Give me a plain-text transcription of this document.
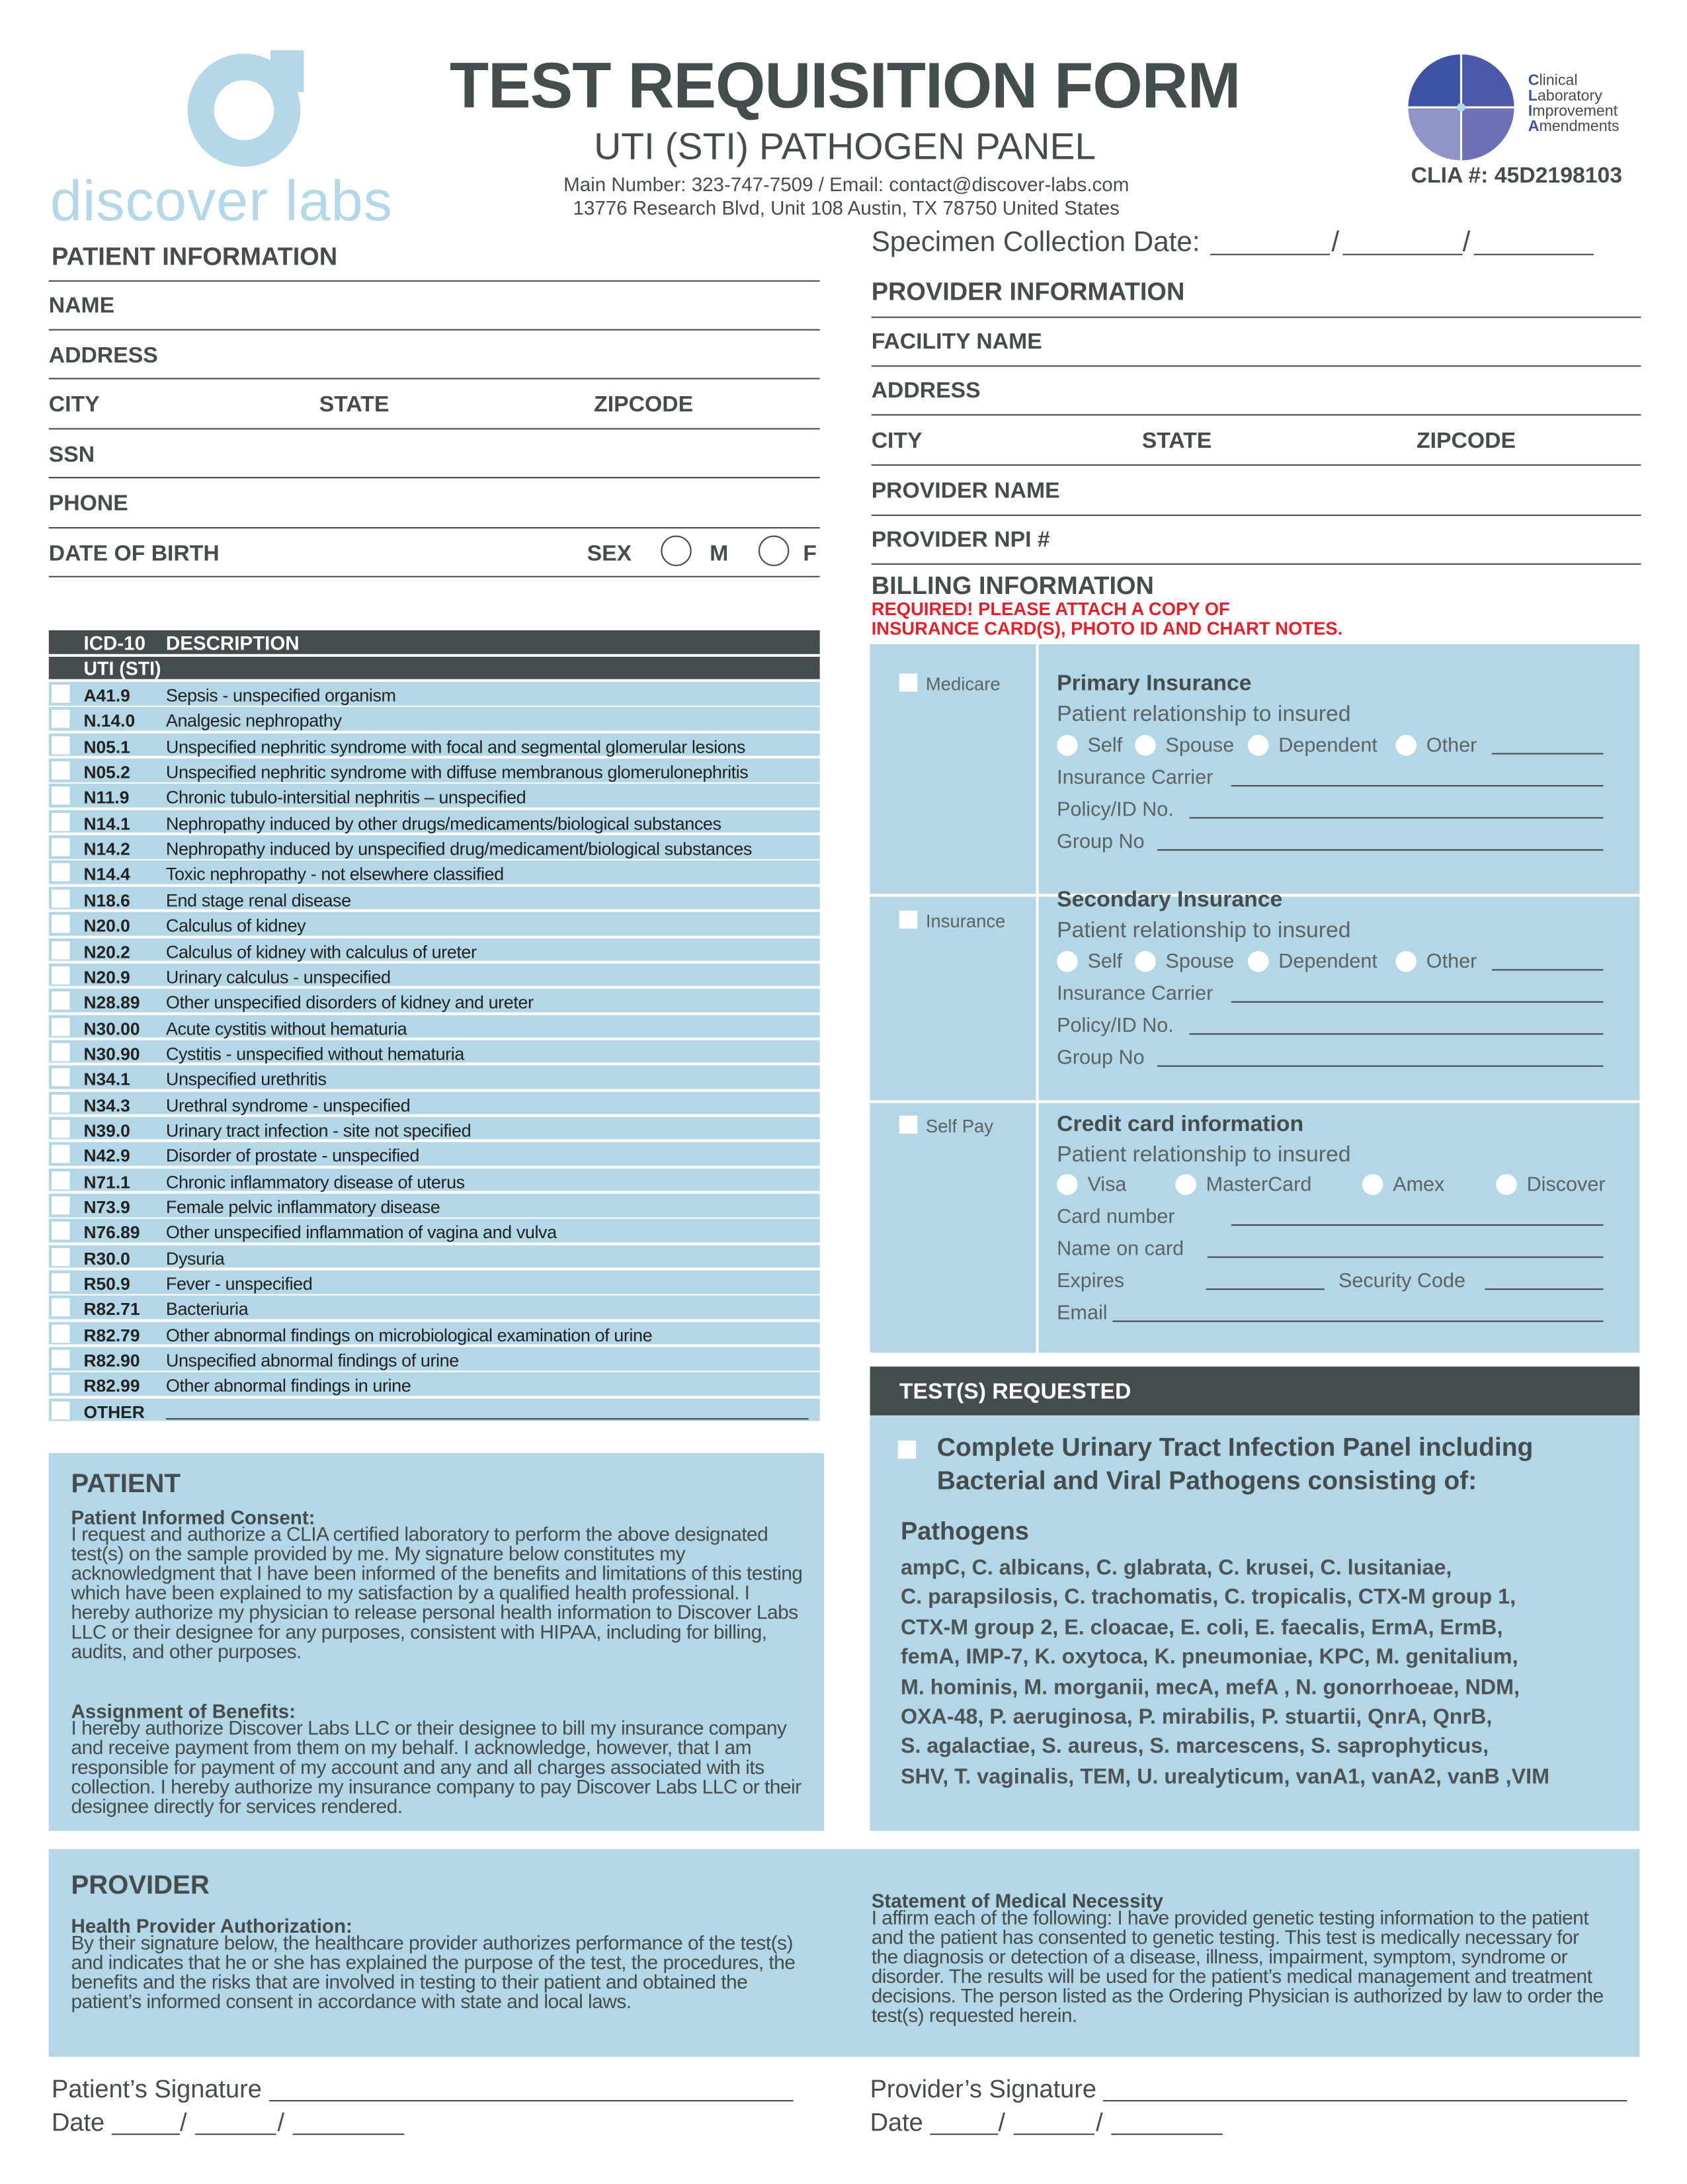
discover labs
TEST REQUISITION FORM
UTI (STI) PATHOGEN PANEL
Main Number: 323-747-7509 / Email: contact@discover-labs.com
13776 Research Blvd, Unit 108 Austin, TX 78750 United States
Clinical
Laboratory
Improvement
Amendments
CLIA #: 45D2198103
Specimen Collection Date:	/	/
PATIENT INFORMATION
NAME
ADDRESS
CITY	STATE	ZIPCODE
SSN
PHONE
DATE OF BIRTH	SEX	M	F
PROVIDER INFORMATION
FACILITY NAME
ADDRESS
CITY	STATE	ZIPCODE
PROVIDER NAME
PROVIDER NPI #
BILLING INFORMATION
REQUIRED! PLEASE ATTACH A COPY OF
INSURANCE CARD(S), PHOTO ID AND CHART NOTES.
Medicare
Insurance
Self Pay
Primary Insurance
Patient relationship to insured
Self	Spouse	Dependent	Other
Insurance Carrier
Policy/ID No.
Group No
Secondary Insurance
Patient relationship to insured
Self	Spouse	Dependent	Other
Insurance Carrier
Policy/ID No.
Group No
Credit card information
Patient relationship to insured
Visa	MasterCard	Amex	Discover
Card number
Name on card
Expires	Security Code
Email
ICD-10 DESCRIPTION
UTI (STI)
A41.9	Sepsis - unspecified organism
N.14.0	Analgesic nephropathy
N05.1	Unspecified nephritic syndrome with focal and segmental glomerular lesions
N05.2	Unspecified nephritic syndrome with diffuse membranous glomerulonephritis
N11.9	Chronic tubulo-intersitial nephritis – unspecified
N14.1	Nephropathy induced by other drugs/medicaments/biological substances
N14.2	Nephropathy induced by unspecified drug/medicament/biological substances
N14.4	Toxic nephropathy - not elsewhere classified
N18.6	End stage renal disease
N20.0	Calculus of kidney
N20.2	Calculus of kidney with calculus of ureter
N20.9	Urinary calculus - unspecified
N28.89	Other unspecified disorders of kidney and ureter
N30.00	Acute cystitis without hematuria
N30.90	Cystitis - unspecified without hematuria
N34.1	Unspecified urethritis
N34.3	Urethral syndrome - unspecified
N39.0	Urinary tract infection - site not specified
N42.9	Disorder of prostate - unspecified
N71.1	Chronic inflammatory disease of uterus
N73.9	Female pelvic inflammatory disease
N76.89	Other unspecified inflammation of vagina and vulva
R30.0	Dysuria
R50.9	Fever - unspecified
R82.71	Bacteriuria
R82.79	Other abnormal findings on microbiological examination of urine
R82.90	Unspecified abnormal findings of urine
R82.99	Other abnormal findings in urine
OTHER
TEST(S) REQUESTED
Complete Urinary Tract Infection Panel including
Bacterial and Viral Pathogens consisting of:
Pathogens
ampC, C. albicans, C. glabrata, C. krusei, C. lusitaniae,
C. parapsilosis, C. trachomatis, C. tropicalis, CTX-M group 1,
CTX-M group 2, E. cloacae, E. coli, E. faecalis, ErmA, ErmB,
femA, IMP-7, K. oxytoca, K. pneumoniae, KPC, M. genitalium,
M. hominis, M. morganii, mecA, mefA , N. gonorrhoeae, NDM,
OXA-48, P. aeruginosa, P. mirabilis, P. stuartii, QnrA, QnrB,
S. agalactiae, S. aureus, S. marcescens, S. saprophyticus,
SHV, T. vaginalis, TEM, U. urealyticum, vanA1, vanA2, vanB ,VIM
PATIENT
Patient Informed Consent:
I request and authorize a CLIA certified laboratory to perform the above designated test(s) on the sample provided by me. My signature below constitutes my acknowledgment that I have been informed of the benefits and limitations of this testing which have been explained to my satisfaction by a qualified health professional. I hereby authorize my physician to release personal health information to Discover Labs LLC or their designee for any purposes, consistent with HIPAA, including for billing, audits, and other purposes.
Assignment of Benefits:
I hereby authorize Discover Labs LLC or their designee to bill my insurance company and receive payment from them on my behalf. I acknowledge, however, that I am responsible for payment of my account and any and all charges associated with its collection. I hereby authorize my insurance company to pay Discover Labs LLC or their designee directly for services rendered.
PROVIDER
Health Provider Authorization:
By their signature below, the healthcare provider authorizes performance of the test(s) and indicates that he or she has explained the purpose of the test, the procedures, the benefits and the risks that are involved in testing to their patient and obtained the patient’s informed consent in accordance with state and local laws.
Statement of Medical Necessity
I affirm each of the following: I have provided genetic testing information to the patient and the patient has consented to genetic testing. This test is medically necessary for the diagnosis or detection of a disease, illness, impairment, symptom, syndrome or disorder. The results will be used for the patient’s medical management and treatment decisions. The person listed as the Ordering Physician is authorized by law to order the test(s) requested herein.
Patient’s Signature
Date	/	/
Provider’s Signature
Date	/	/
